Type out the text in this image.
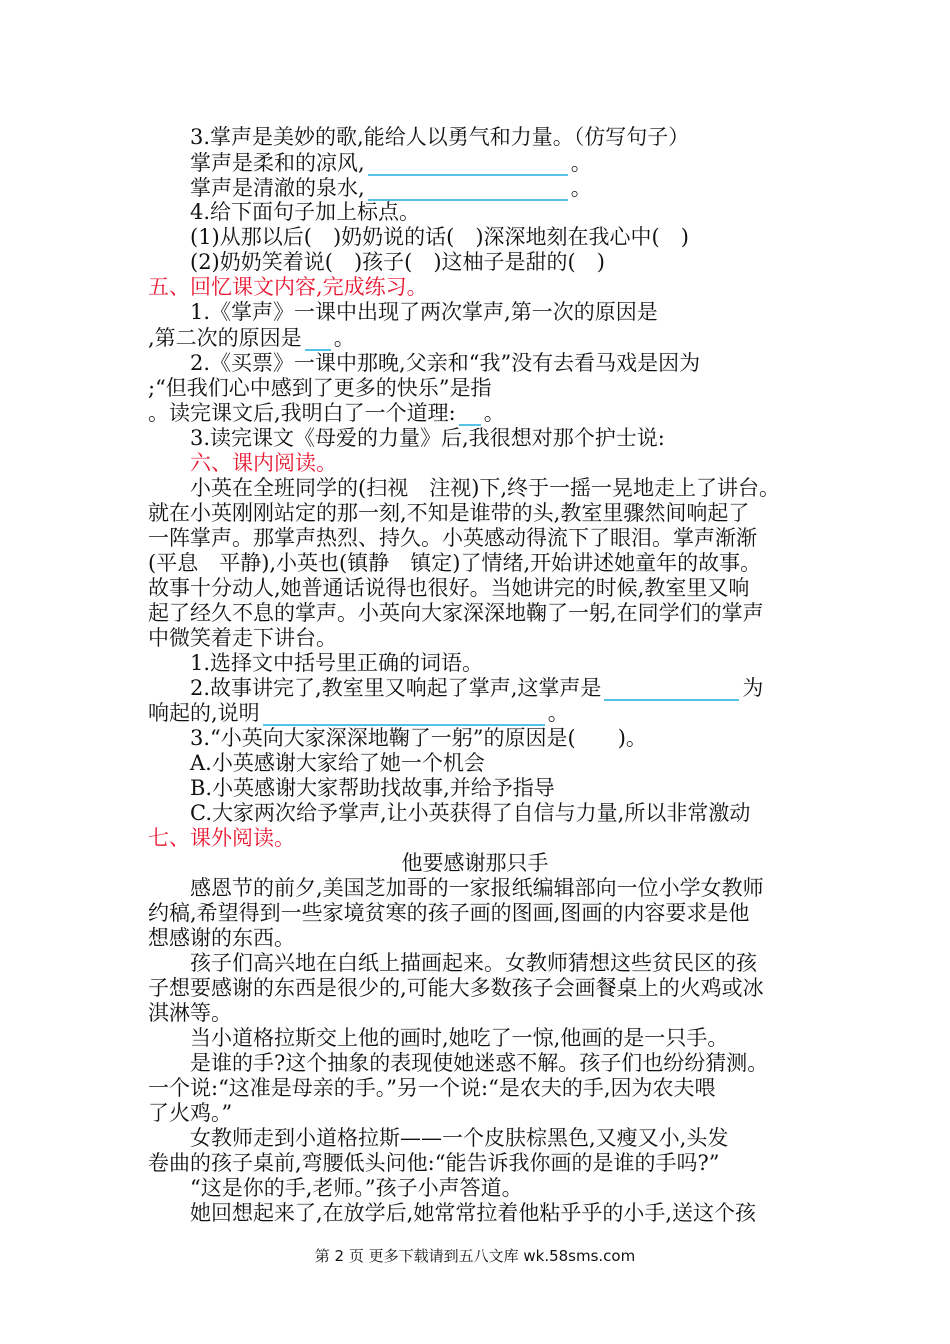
3.掌声是美妙的歌,能给人以勇气和力量。（仿写句子）
掌声是柔和的凉风,	。
掌声是清澈的泉水,	。
4.给下面句子加上标点。
(1)从那以后(　)奶奶说的话(　)深深地刻在我心中(　)
(2)奶奶笑着说(　)孩子(　)这柚子是甜的(　)
五、回忆课文内容,完成练习。
1.《掌声》一课中出现了两次掌声,第一次的原因是
,第二次的原因是 。
2.《买票》一课中那晚,父亲和“我”没有去看马戏是因为
;“但我们心中感到了更多的快乐”是指
。读完课文后,我明白了一个道理: 。
3.读完课文《母爱的力量》后,我很想对那个护士说:
六、课内阅读。
小英在全班同学的(扫视　注视)下,终于一摇一晃地走上了讲台。
就在小英刚刚站定的那一刻,不知是谁带的头,教室里骤然间响起了
一阵掌声。那掌声热烈、持久。小英感动得流下了眼泪。掌声渐渐
(平息　平静),小英也(镇静　镇定)了情绪,开始讲述她童年的故事。
故事十分动人,她普通话说得也很好。当她讲完的时候,教室里又响
起了经久不息的掌声。小英向大家深深地鞠了一躬,在同学们的掌声
中微笑着走下讲台。
1.选择文中括号里正确的词语。
2.故事讲完了,教室里又响起了掌声,这掌声是	为
响起的,说明	。
3.“小英向大家深深地鞠了一躬”的原因是(　　)。
A.小英感谢大家给了她一个机会
B.小英感谢大家帮助找故事,并给予指导
C.大家两次给予掌声,让小英获得了自信与力量,所以非常激动
七、课外阅读。
他要感谢那只手
感恩节的前夕,美国芝加哥的一家报纸编辑部向一位小学女教师
约稿,希望得到一些家境贫寒的孩子画的图画,图画的内容要求是他
想感谢的东西。
孩子们高兴地在白纸上描画起来。女教师猜想这些贫民区的孩
子想要感谢的东西是很少的,可能大多数孩子会画餐桌上的火鸡或冰
淇淋等。
当小道格拉斯交上他的画时,她吃了一惊,他画的是一只手。
是谁的手?这个抽象的表现使她迷惑不解。孩子们也纷纷猜测。
一个说:“这准是母亲的手。”另一个说:“是农夫的手,因为农夫喂
了火鸡。”
女教师走到小道格拉斯——一个皮肤棕黑色,又瘦又小,头发
卷曲的孩子桌前,弯腰低头问他:“能告诉我你画的是谁的手吗?”
“这是你的手,老师。”孩子小声答道。
她回想起来了,在放学后,她常常拉着他粘乎乎的小手,送这个孩
第 2 页 更多下载请到五八文库 wk.58sms.com
